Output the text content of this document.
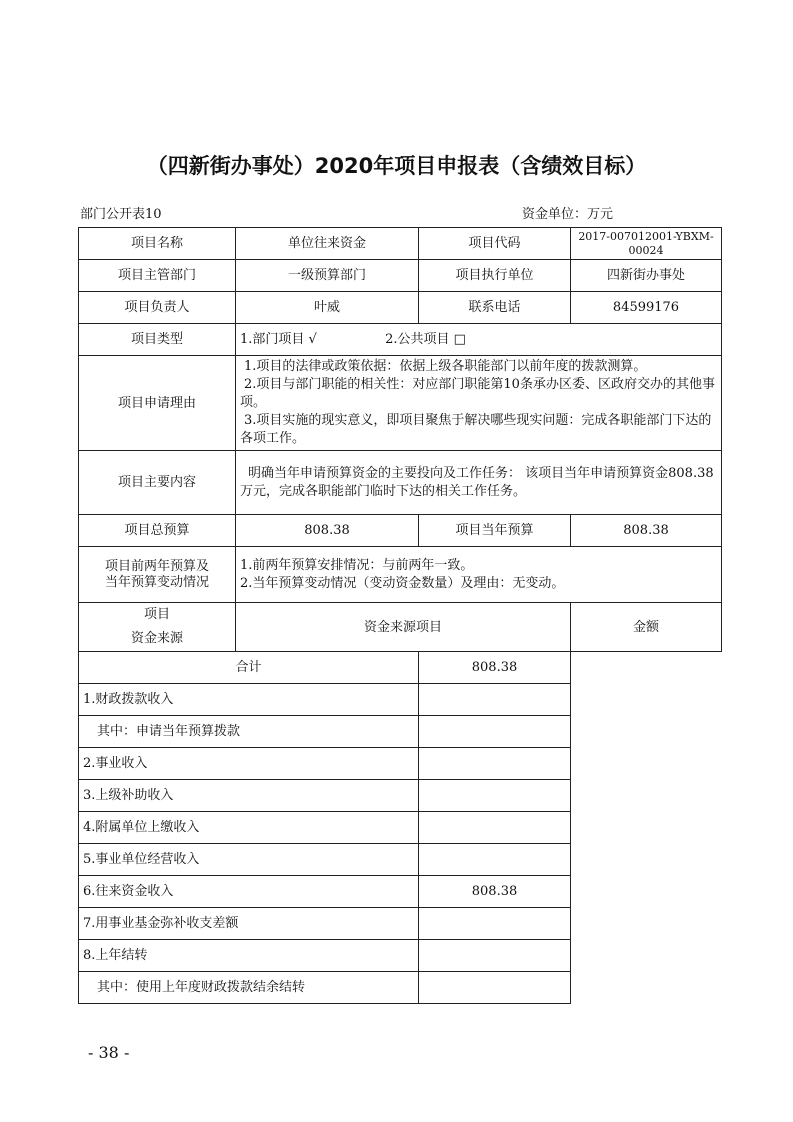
（四新街办事处）2020年项目申报表（含绩效目标）
部门公开表10	资金单位：万元
项目名称	单位往来资金	项目代码	2017-007012001-YBXM-00024
项目主管部门	一级预算部门	项目执行单位	四新街办事处
项目负责人	叶威	联系电话	84599176
项目类型	1.部门项目 √ 2.公共项目 □		
项目申请理由	1.项目的法律或政策依据：依据上级各职能部门以前年度的拨款测算。
2.项目与部门职能的相关性：对应部门职能第10条承办区委、区政府交办的其他事项。
3.项目实施的现实意义，即项目聚焦于解决哪些现实问题：完成各职能部门下达的各项工作。		

项目主要内容	明确当年申请预算资金的主要投向及工作任务： 该项目当年申请预算资金808.38万元，完成各职能部门临时下达的相关工作任务。		
项目总预算	808.38	项目当年预算	808.38
项目前两年预算及当年预算变动情况	1.前两年预算安排情况：与前两年一致。
2.当年预算变动情况（变动资金数量）及理由：无变动。		

项目
资金来源	资金来源项目		金额
合计		808.38	
1.财政拨款收入			
其中：申请当年预算拨款			
2.事业收入			
3.上级补助收入			
4.附属单位上缴收入			
5.事业单位经营收入			
6.往来资金收入		808.38	
7.用事业基金弥补收支差额			
8.上年结转			
其中：使用上年度财政拨款结余结转			
- 38 -
